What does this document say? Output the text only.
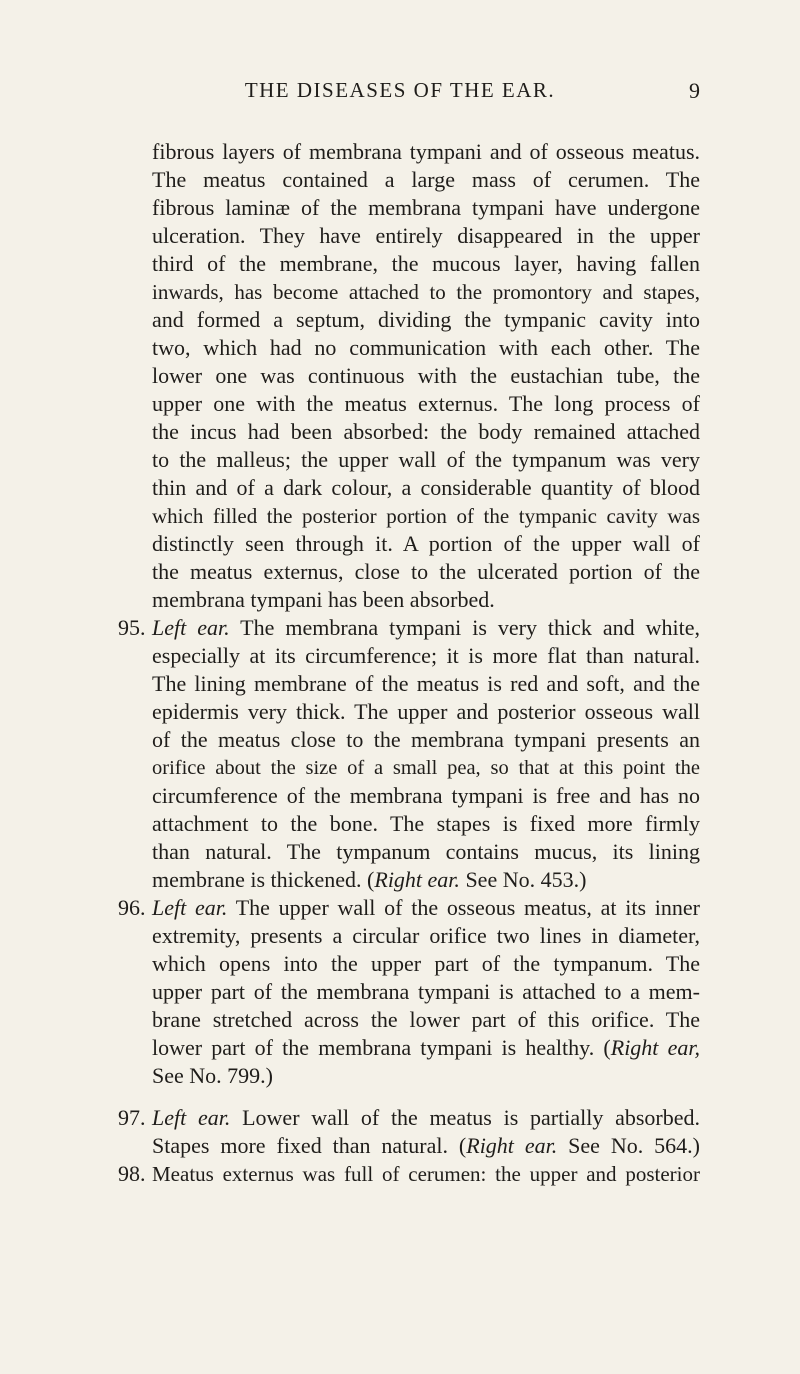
THE DISEASES OF THE EAR.	9
fibrous layers of membrana tympani and of osseous meatus.
The meatus contained a large mass of cerumen. The
fibrous laminæ of the membrana tympani have undergone
ulceration. They have entirely disappeared in the upper
third of the membrane, the mucous layer, having fallen
inwards, has become attached to the promontory and stapes,
and formed a septum, dividing the tympanic cavity into
two, which had no communication with each other. The
lower one was continuous with the eustachian tube, the
upper one with the meatus externus. The long process of
the incus had been absorbed: the body remained attached
to the malleus; the upper wall of the tympanum was very
thin and of a dark colour, a considerable quantity of blood
which filled the posterior portion of the tympanic cavity was
distinctly seen through it. A portion of the upper wall of
the meatus externus, close to the ulcerated portion of the
membrana tympani has been absorbed.
95. Left ear. The membrana tympani is very thick and white,
especially at its circumference; it is more flat than natural.
The lining membrane of the meatus is red and soft, and the
epidermis very thick. The upper and posterior osseous wall
of the meatus close to the membrana tympani presents an
orifice about the size of a small pea, so that at this point the
circumference of the membrana tympani is free and has no
attachment to the bone. The stapes is fixed more firmly
than natural. The tympanum contains mucus, its lining
membrane is thickened. (Right ear. See No. 453.)
96. Left ear. The upper wall of the osseous meatus, at its inner
extremity, presents a circular orifice two lines in diameter,
which opens into the upper part of the tympanum. The
upper part of the membrana tympani is attached to a mem-
brane stretched across the lower part of this orifice. The
lower part of the membrana tympani is healthy. (Right ear,
See No. 799.)
97. Left ear. Lower wall of the meatus is partially absorbed.
Stapes more fixed than natural. (Right ear. See No. 564.)
98. Meatus externus was full of cerumen: the upper and posterior
